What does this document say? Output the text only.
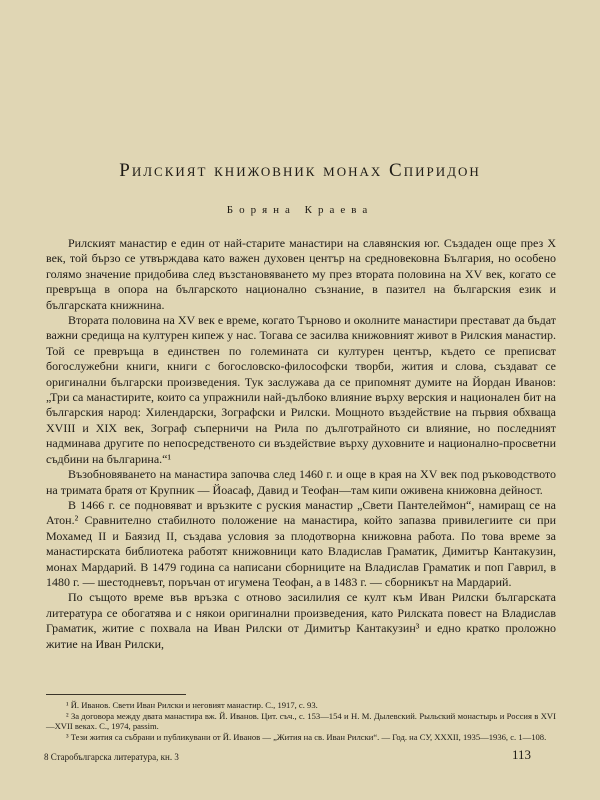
Рилският книжовник монах Спиридон
Боряна Краева

Рилският манастир е един от най-старите манастири на славянския юг. Създаден още през X век, той бързо се утвърждава като важен духовен център на средновековна България, но особено голямо значение придобива след възстановяването му през втората половина на XV век, когато се превръща в опора на българското национално съзнание, в пазител на българския език и българската книжнина.

Втората половина на XV век е време, когато Търново и околните манастири престават да бъдат важни средища на културен кипеж у нас. Тогава се засилва книжовният живот в Рилския манастир. Той се превръща в единствен по големината си културен център, където се преписват богослужебни книги, книги с богословско-философски творби, жития и слова, създават се оригинални български произведения. Тук заслужава да се припомнят думите на Йордан Иванов: „Три са манастирите, които са упражнили най-дълбоко влияние върху верския и национален бит на българския народ: Хилендарски, Зографски и Рилски. Мощното въздействие на първия обхваща XVIII и XIX век, Зограф съперничи на Рила по дълготрайното си влияние, но последният надминава другите по непосредственото си въздействие върху духовните и национално-просветни съдбини на българина.“¹

Възобновяването на манастира започва след 1460 г. и още в края на XV век под ръководството на тримата братя от Крупник — Йоасаф, Давид и Теофан—там кипи оживена книжовна дейност.

В 1466 г. се подновяват и връзките с руския манастир „Свети Пантелеймон“, намиращ се на Атон.² Сравнително стабилното положение на манастира, който запазва привилегиите си при Мохамед II и Баязид II, създава условия за плодотворна книжовна работа. По това време за манастирската библиотека работят книжовници като Владислав Граматик, Димитър Кантакузин, монах Мардарий. В 1479 година са написани сборниците на Владислав Граматик и поп Гаврил, в 1480 г. — шестодневът, поръчан от игумена Теофан, а в 1483 г. — сборникът на Мардарий.

По същото време във връзка с отново засилилия се култ към Иван Рилски българската литература се обогатява и с някои оригинални произведения, като Рилската повест на Владислав Граматик, житие с похвала на Иван Рилски от Димитър Кантакузин³ и едно кратко проложно житие на Иван Рилски,

¹ Й. Иванов. Свети Иван Рилски и неговият манастир. С., 1917, с. 93.

² За договора между двата манастира вж. Й. Иванов. Цит. съч., с. 153—154 и Н. М. Дылевский. Рыльский монастырь и Россия в XVI—XVII веках. С., 1974, passim.

³ Тези жития са събрани и публикувани от Й. Иванов — „Жития на св. Иван Рилски“. — Год. на СУ, XXXII, 1935—1936, с. 1—108.

8 Старобългарска литература, кн. 3	113
